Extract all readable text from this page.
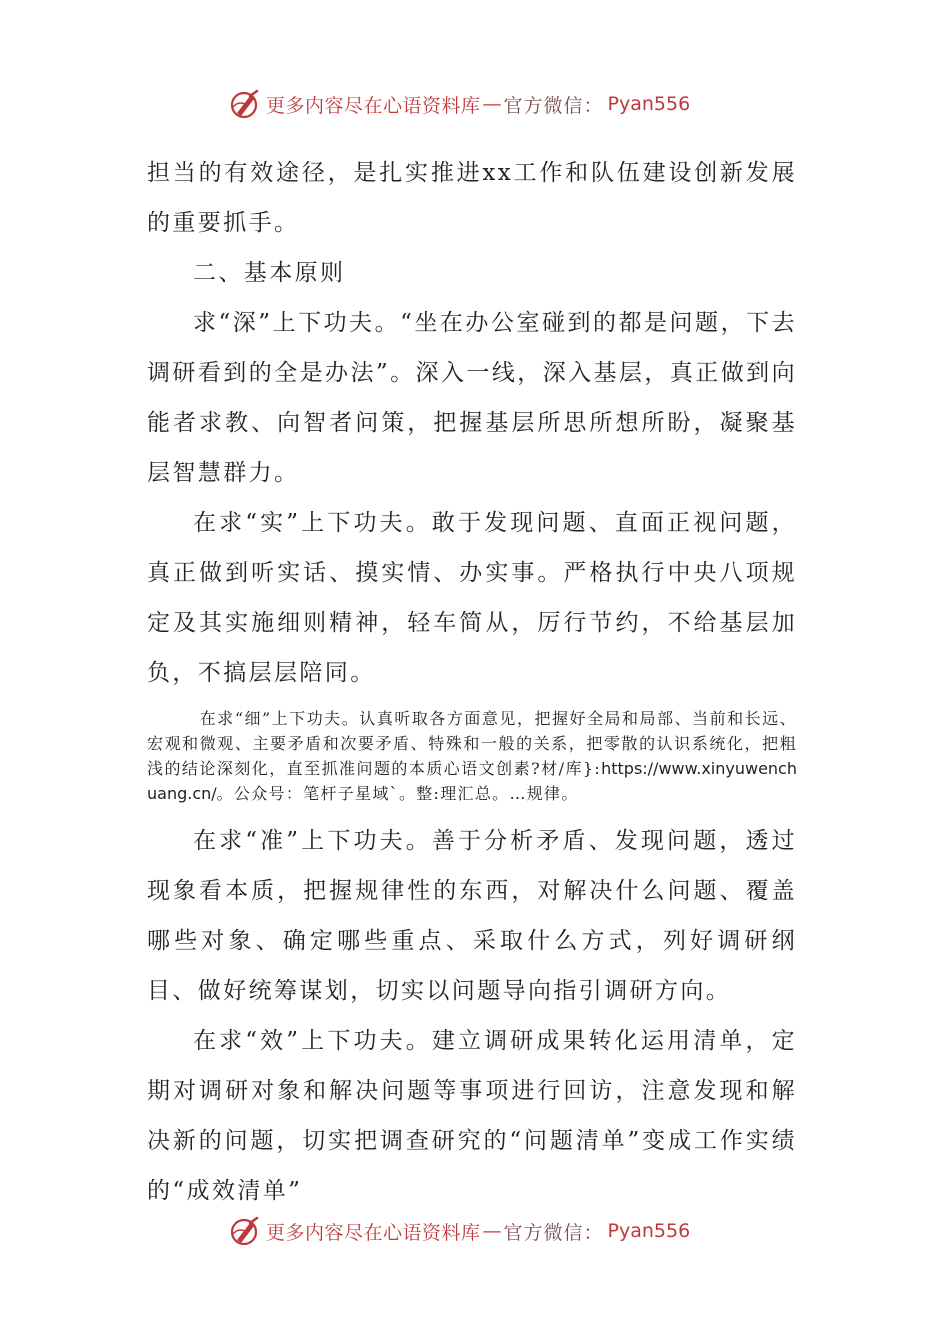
更多内容尽在心语资料库 — 官方微信： Pyan556

担当的有效途径，是扎实推进xx工作和队伍建设创新发展的重要抓手。

二、基本原则

求“深”上下功夫。“坐在办公室碰到的都是问题，下去调研看到的全是办法”。深入一线，深入基层，真正做到向能者求教、向智者问策，把握基层所思所想所盼，凝聚基层智慧群力。

在求“实”上下功夫。敢于发现问题、直面正视问题，真正做到听实话、摸实情、办实事。严格执行中央八项规定及其实施细则精神，轻车简从，厉行节约，不给基层加负，不搞层层陪同。

在求“细”上下功夫。认真听取各方面意见，把握好全局和局部、当前和长远、宏观和微观、主要矛盾和次要矛盾、特殊和一般的关系，把零散的认识系统化，把粗浅的结论深刻化，直至抓准问题的本质心语文创素?材/库}:https://www.xinyuwenchuang.cn/。公众号：笔杆子星域`。整:理汇总。…规律。

在求“准”上下功夫。善于分析矛盾、发现问题，透过现象看本质，把握规律性的东西，对解决什么问题、覆盖哪些对象、确定哪些重点、采取什么方式，列好调研纲目、做好统筹谋划，切实以问题导向指引调研方向。

在求“效”上下功夫。建立调研成果转化运用清单，定期对调研对象和解决问题等事项进行回访，注意发现和解决新的问题，切实把调查研究的“问题清单”变成工作实绩的“成效清单”

更多内容尽在心语资料库 — 官方微信： Pyan556
